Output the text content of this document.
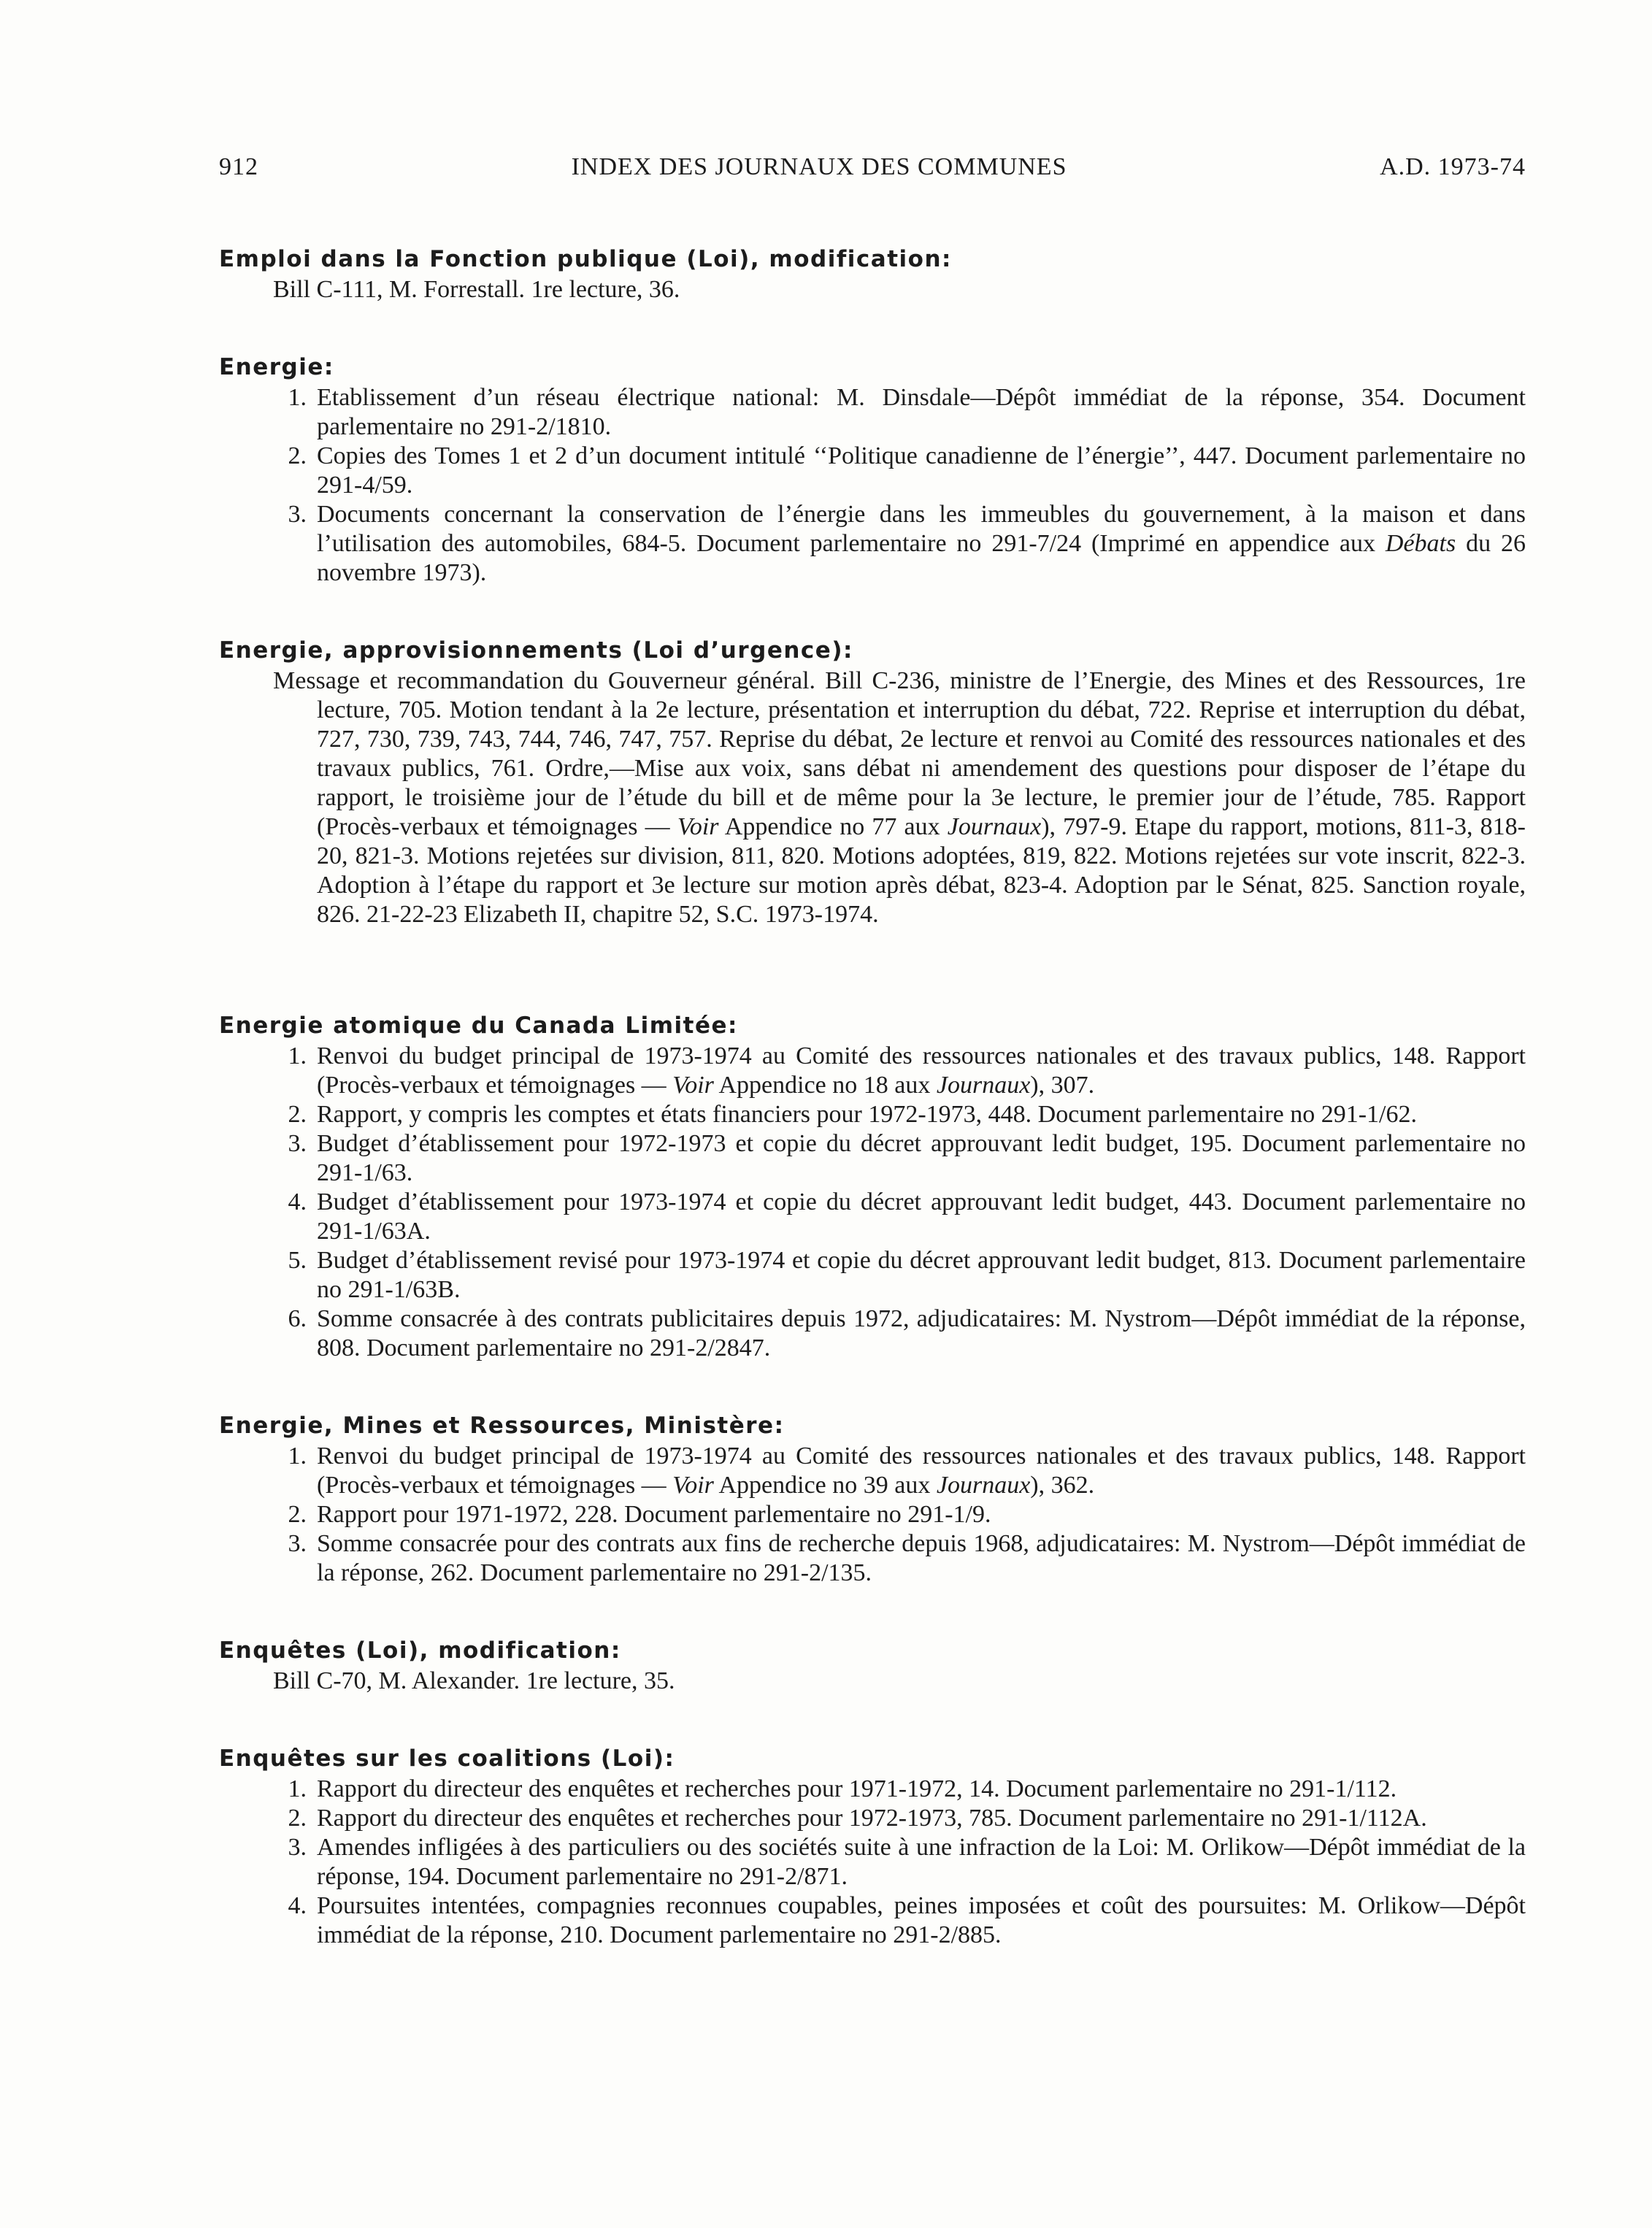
912	INDEX DES JOURNAUX DES COMMUNES	A.D. 1973-74
Emploi dans la Fonction publique (Loi), modification:
Bill C-111, M. Forrestall. 1re lecture, 36.
Energie:
1. Etablissement d’un réseau électrique national: M. Dinsdale—Dépôt immédiat de la réponse, 354. Document parlementaire no 291-2/1810.
2. Copies des Tomes 1 et 2 d’un document intitulé ‘‘Politique canadienne de l’énergie’’, 447. Document parlementaire no 291-4/59.
3. Documents concernant la conservation de l’énergie dans les immeubles du gouvernement, à la maison et dans l’utilisation des automobiles, 684-5. Document parlementaire no 291-7/24 (Imprimé en appendice aux Débats du 26 novembre 1973).
Energie, approvisionnements (Loi d’urgence):
Message et recommandation du Gouverneur général. Bill C-236, ministre de l’Energie, des Mines et des Ressources, 1re lecture, 705. Motion tendant à la 2e lecture, présentation et interruption du débat, 722. Reprise et interruption du débat, 727, 730, 739, 743, 744, 746, 747, 757. Reprise du débat, 2e lecture et renvoi au Comité des ressources nationales et des travaux publics, 761. Ordre,—Mise aux voix, sans débat ni amendement des questions pour disposer de l’étape du rapport, le troisième jour de l’étude du bill et de même pour la 3e lecture, le premier jour de l’étude, 785. Rapport (Procès-verbaux et témoignages — Voir Appendice no 77 aux Journaux), 797-9. Etape du rapport, motions, 811-3, 818-20, 821-3. Motions rejetées sur division, 811, 820. Motions adoptées, 819, 822. Motions rejetées sur vote inscrit, 822-3. Adoption à l’étape du rapport et 3e lecture sur motion après débat, 823-4. Adoption par le Sénat, 825. Sanction royale, 826. 21-22-23 Elizabeth II, chapitre 52, S.C. 1973-1974.
Energie atomique du Canada Limitée:
1. Renvoi du budget principal de 1973-1974 au Comité des ressources nationales et des travaux publics, 148. Rapport (Procès-verbaux et témoignages — Voir Appendice no 18 aux Journaux), 307.
2. Rapport, y compris les comptes et états financiers pour 1972-1973, 448. Document parlementaire no 291-1/62.
3. Budget d’établissement pour 1972-1973 et copie du décret approuvant ledit budget, 195. Document parlementaire no 291-1/63.
4. Budget d’établissement pour 1973-1974 et copie du décret approuvant ledit budget, 443. Document parlementaire no 291-1/63A.
5. Budget d’établissement revisé pour 1973-1974 et copie du décret approuvant ledit budget, 813. Document parlementaire no 291-1/63B.
6. Somme consacrée à des contrats publicitaires depuis 1972, adjudicataires: M. Nystrom—Dépôt immédiat de la réponse, 808. Document parlementaire no 291-2/2847.
Energie, Mines et Ressources, Ministère:
1. Renvoi du budget principal de 1973-1974 au Comité des ressources nationales et des travaux publics, 148. Rapport (Procès-verbaux et témoignages — Voir Appendice no 39 aux Journaux), 362.
2. Rapport pour 1971-1972, 228. Document parlementaire no 291-1/9.
3. Somme consacrée pour des contrats aux fins de recherche depuis 1968, adjudicataires: M. Nystrom—Dépôt immédiat de la réponse, 262. Document parlementaire no 291-2/135.
Enquêtes (Loi), modification:
Bill C-70, M. Alexander. 1re lecture, 35.
Enquêtes sur les coalitions (Loi):
1. Rapport du directeur des enquêtes et recherches pour 1971-1972, 14. Document parlementaire no 291-1/112.
2. Rapport du directeur des enquêtes et recherches pour 1972-1973, 785. Document parlementaire no 291-1/112A.
3. Amendes infligées à des particuliers ou des sociétés suite à une infraction de la Loi: M. Orlikow—Dépôt immédiat de la réponse, 194. Document parlementaire no 291-2/871.
4. Poursuites intentées, compagnies reconnues coupables, peines imposées et coût des poursuites: M. Orlikow—Dépôt immédiat de la réponse, 210. Document parlementaire no 291-2/885.
